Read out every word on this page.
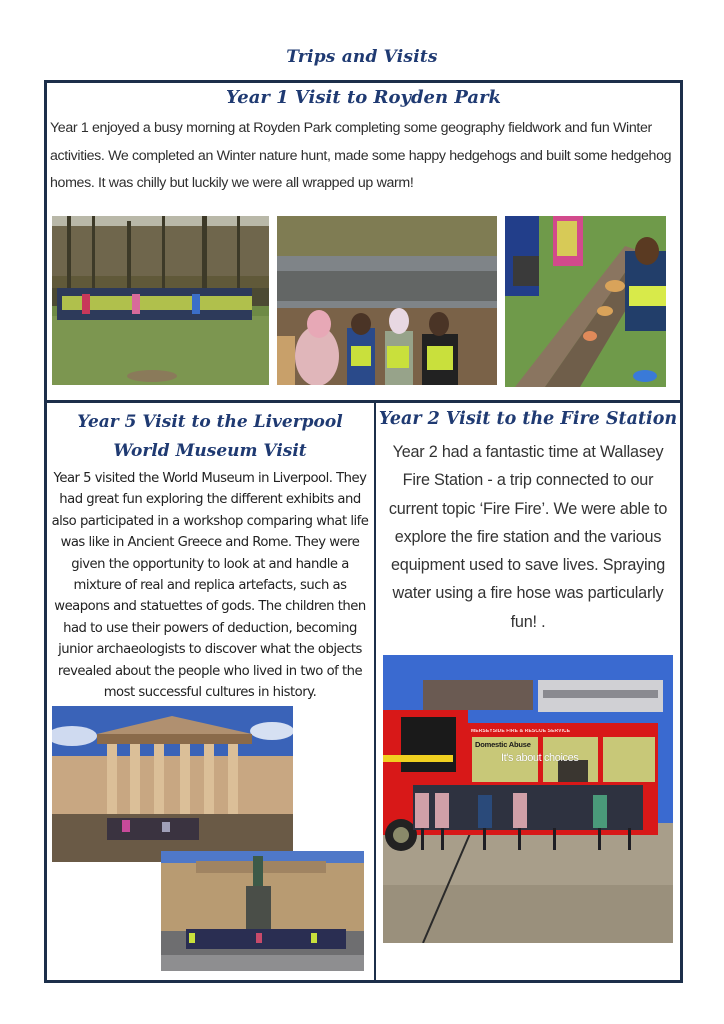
Trips and Visits
Year 1 Visit to Royden Park
Year 1 enjoyed a busy morning at Royden Park completing some geography fieldwork and fun Winter activities. We completed an Winter nature hunt, made some happy hedgehogs and built some hedgehog homes. It was chilly but luckily we were all wrapped up warm!
Year 5 Visit to the Liverpool World Museum Visit
Year 5 visited the World Museum in Liverpool. They had great fun exploring the different exhibits and also participated in a workshop comparing what life was like in Ancient Greece and Rome. They were given the opportunity to look at and handle a mixture of real and replica artefacts, such as weapons and statuettes of gods. The children then had to use their powers of deduction, becoming junior archaeologists to discover what the objects revealed about the people who lived in two of the most successful cultures in history.
Year 2 Visit to the Fire Station
Year 2 had a fantastic time at Wallasey Fire Station - a trip connected to our current topic ‘Fire Fire’. We were able to explore the fire station and the various equipment used to save lives. Spraying water using a fire hose was particularly fun! .
MERSEYSIDE FIRE & RESCUE SERVICE
Domestic Abuse
It's about choices
